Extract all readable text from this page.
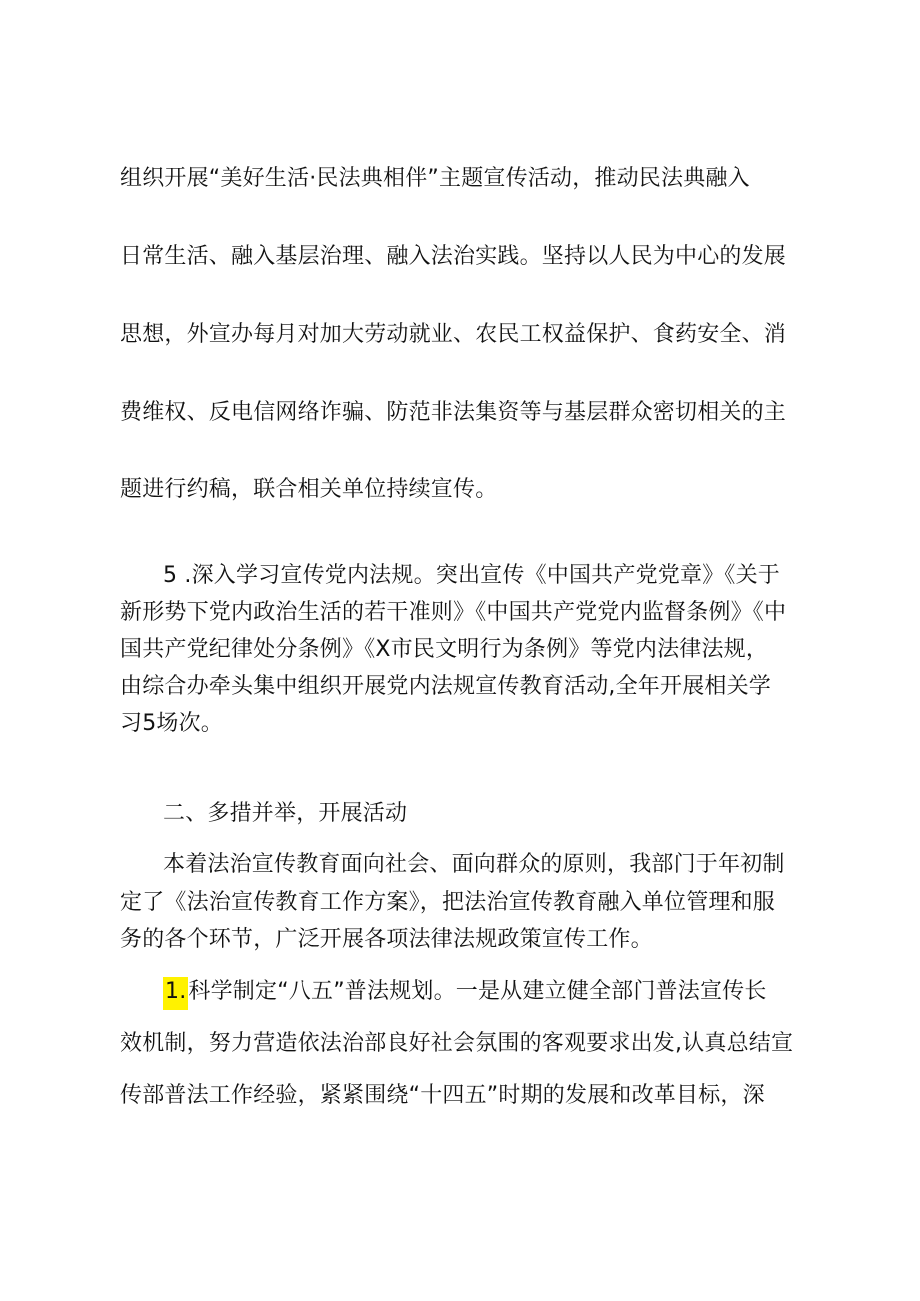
组织开展“美好生活·民法典相伴”主题宣传活动，推动民法典融入

日常生活、融入基层治理、融入法治实践。坚持以人民为中心的发展

思想，外宣办每月对加大劳动就业、农民工权益保护、食药安全、消

费维权、反电信网络诈骗、防范非法集资等与基层群众密切相关的主

题进行约稿，联合相关单位持续宣传。

5 .深入学习宣传党内法规。突出宣传《中国共产党党章》《关于

新形势下党内政治生活的若干准则》《中国共产党党内监督条例》《中

国共产党纪律处分条例》《X市民文明行为条例》等党内法律法规，

由综合办牵头集中组织开展党内法规宣传教育活动,全年开展相关学

习5场次。

二、多措并举，开展活动

本着法治宣传教育面向社会、面向群众的原则，我部门于年初制

定了《法治宣传教育工作方案》，把法治宣传教育融入单位管理和服

务的各个环节，广泛开展各项法律法规政策宣传工作。

1.科学制定“八五”普法规划。一是从建立健全部门普法宣传长

效机制，努力营造依法治部良好社会氛围的客观要求出发,认真总结宣

传部普法工作经验，紧紧围绕“十四五”时期的发展和改革目标，深
